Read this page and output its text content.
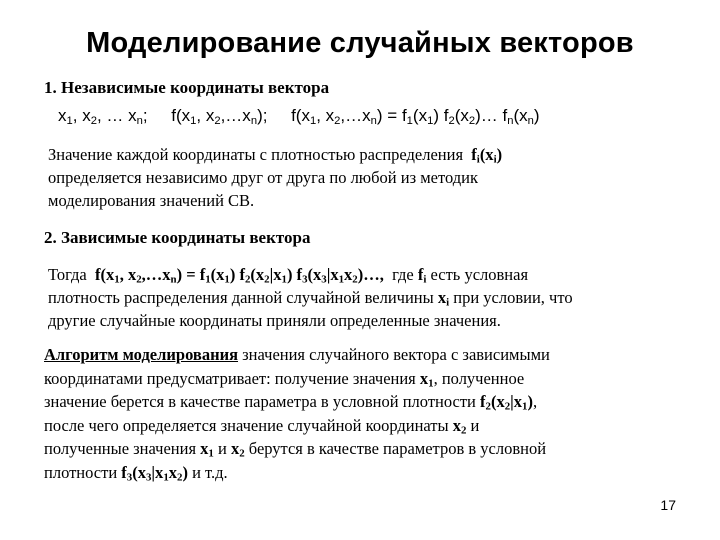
Моделирование случайных векторов
1. Независимые координаты вектора
$x_1$, $x_2$, … $x_n$; $f(x_1$, $x_2,\dots x_n$); $f(x_1$, $x_2,\dots x_n) = f_1(x_1)$ $f_2(x_2)\dots$ $f_n(x_n)$
Значение каждой координаты с плотностью распределения $f_i(x_i)$
определяется независимо друг от друга по любой из методик
моделирования значений СВ.
2. Зависимые координаты вектора
Тогда $f(x_1$, $x_2,\dots x_n) = f_1(x_1)$ $f_2(x_2|x_1)$ $f_3(x_3|x_1x_2)\dots$, где $f_i$ есть условная
плотность распределения данной случайной величины $x_i$ при условии, что
другие случайные координаты приняли определенные значения.
Алгоритм моделирования значения случайного вектора с зависимыми
координатами предусматривает: получение значения $x_1$, полученное
значение берется в качестве параметра в условной плотности $f_2(x_2|x_1)$,
после чего определяется значение случайной координаты $x_2$ и
полученные значения $x_1$ и $x_2$ берутся в качестве параметров в условной
плотности $f_3(x_3|x_1x_2)$ и т.д.
17
